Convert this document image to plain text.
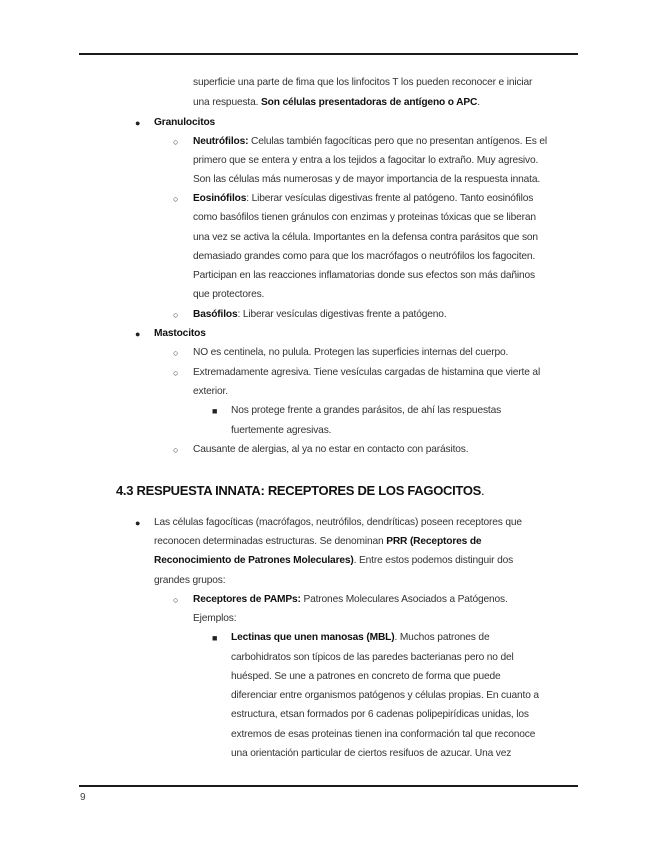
●
○
○
○
●
○
○
■
○
●
○
■
superficie una parte de fima que los linfocitos T los pueden reconocer e iniciar
una respuesta. Son células presentadoras de antígeno o APC.
Granulocitos
Neutrófilos: Celulas también fagocíticas pero que no presentan antígenos. Es el
primero que se entera y entra a los tejidos a fagocitar lo extraño. Muy agresivo.
Son las células más numerosas y de mayor importancia de la respuesta innata.
Eosinófilos: Liberar vesículas digestivas frente al patógeno. Tanto eosinófilos
como basófilos tienen gránulos con enzimas y proteinas tóxicas que se liberan
una vez se activa la célula. Importantes en la defensa contra parásitos que son
demasiado grandes como para que los macrófagos o neutrófilos los fagociten.
Participan en las reacciones inflamatorias donde sus efectos son más dañinos
que protectores.
Basófilos: Liberar vesículas digestivas frente a patógeno.
Mastocitos
NO es centinela, no pulula. Protegen las superficies internas del cuerpo.
Extremadamente agresiva. Tiene vesículas cargadas de histamina que vierte al
exterior.
Nos protege frente a grandes parásitos, de ahí las respuestas
fuertemente agresivas.
Causante de alergias, al ya no estar en contacto con parásitos.
Las células fagocíticas (macrófagos, neutrófilos, dendríticas) poseen receptores que
reconocen determinadas estructuras. Se denominan PRR (Receptores de
Reconocimiento de Patrones Moleculares). Entre estos podemos distinguir dos
grandes grupos:
Receptores de PAMPs: Patrones Moleculares Asociados a Patógenos.
Ejemplos:
Lectinas que unen manosas (MBL). Muchos patrones de
carbohidratos son típicos de las paredes bacterianas pero no del
huésped. Se une a patrones en concreto de forma que puede
diferenciar entre organismos patógenos y células propias. En cuanto a
estructura, etsan formados por 6 cadenas polipepirídicas unidas, los
extremos de esas proteinas tienen ina conformación tal que reconoce
una orientación particular de ciertos resifuos de azucar. Una vez
4.3 RESPUESTA INNATA: RECEPTORES DE LOS FAGOCITOS.
9
